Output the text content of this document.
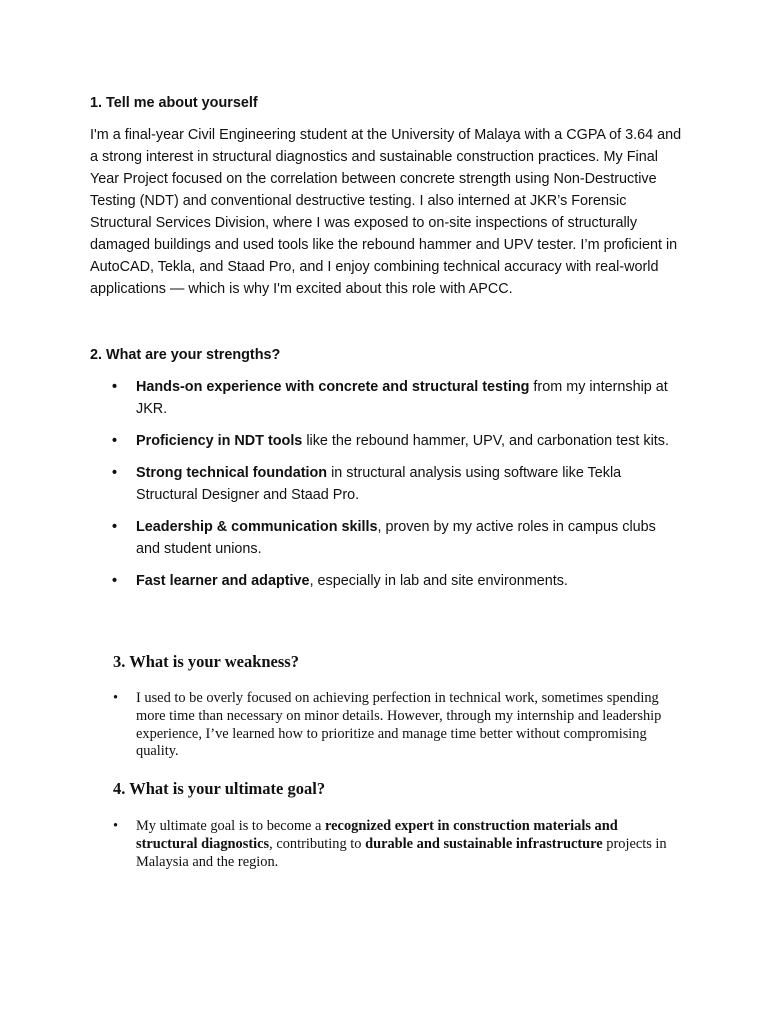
1. Tell me about yourself

I'm a final-year Civil Engineering student at the University of Malaya with a CGPA of 3.64 and a strong interest in structural diagnostics and sustainable construction practices. My Final Year Project focused on the correlation between concrete strength using Non-Destructive Testing (NDT) and conventional destructive testing. I also interned at JKR’s Forensic Structural Services Division, where I was exposed to on-site inspections of structurally damaged buildings and used tools like the rebound hammer and UPV tester. I’m proficient in AutoCAD, Tekla, and Staad Pro, and I enjoy combining technical accuracy with real-world applications — which is why I'm excited about this role with APCC.

2. What are your strengths?
• Hands-on experience with concrete and structural testing from my internship at JKR.
• Proficiency in NDT tools like the rebound hammer, UPV, and carbonation test kits.
• Strong technical foundation in structural analysis using software like Tekla Structural Designer and Staad Pro.
• Leadership & communication skills, proven by my active roles in campus clubs and student unions.
• Fast learner and adaptive, especially in lab and site environments.
3. What is your weakness?
• I used to be overly focused on achieving perfection in technical work, sometimes spending more time than necessary on minor details. However, through my internship and leadership experience, I’ve learned how to prioritize and manage time better without compromising quality.
4. What is your ultimate goal?
• My ultimate goal is to become a recognized expert in construction materials and structural diagnostics, contributing to durable and sustainable infrastructure projects in Malaysia and the region.
